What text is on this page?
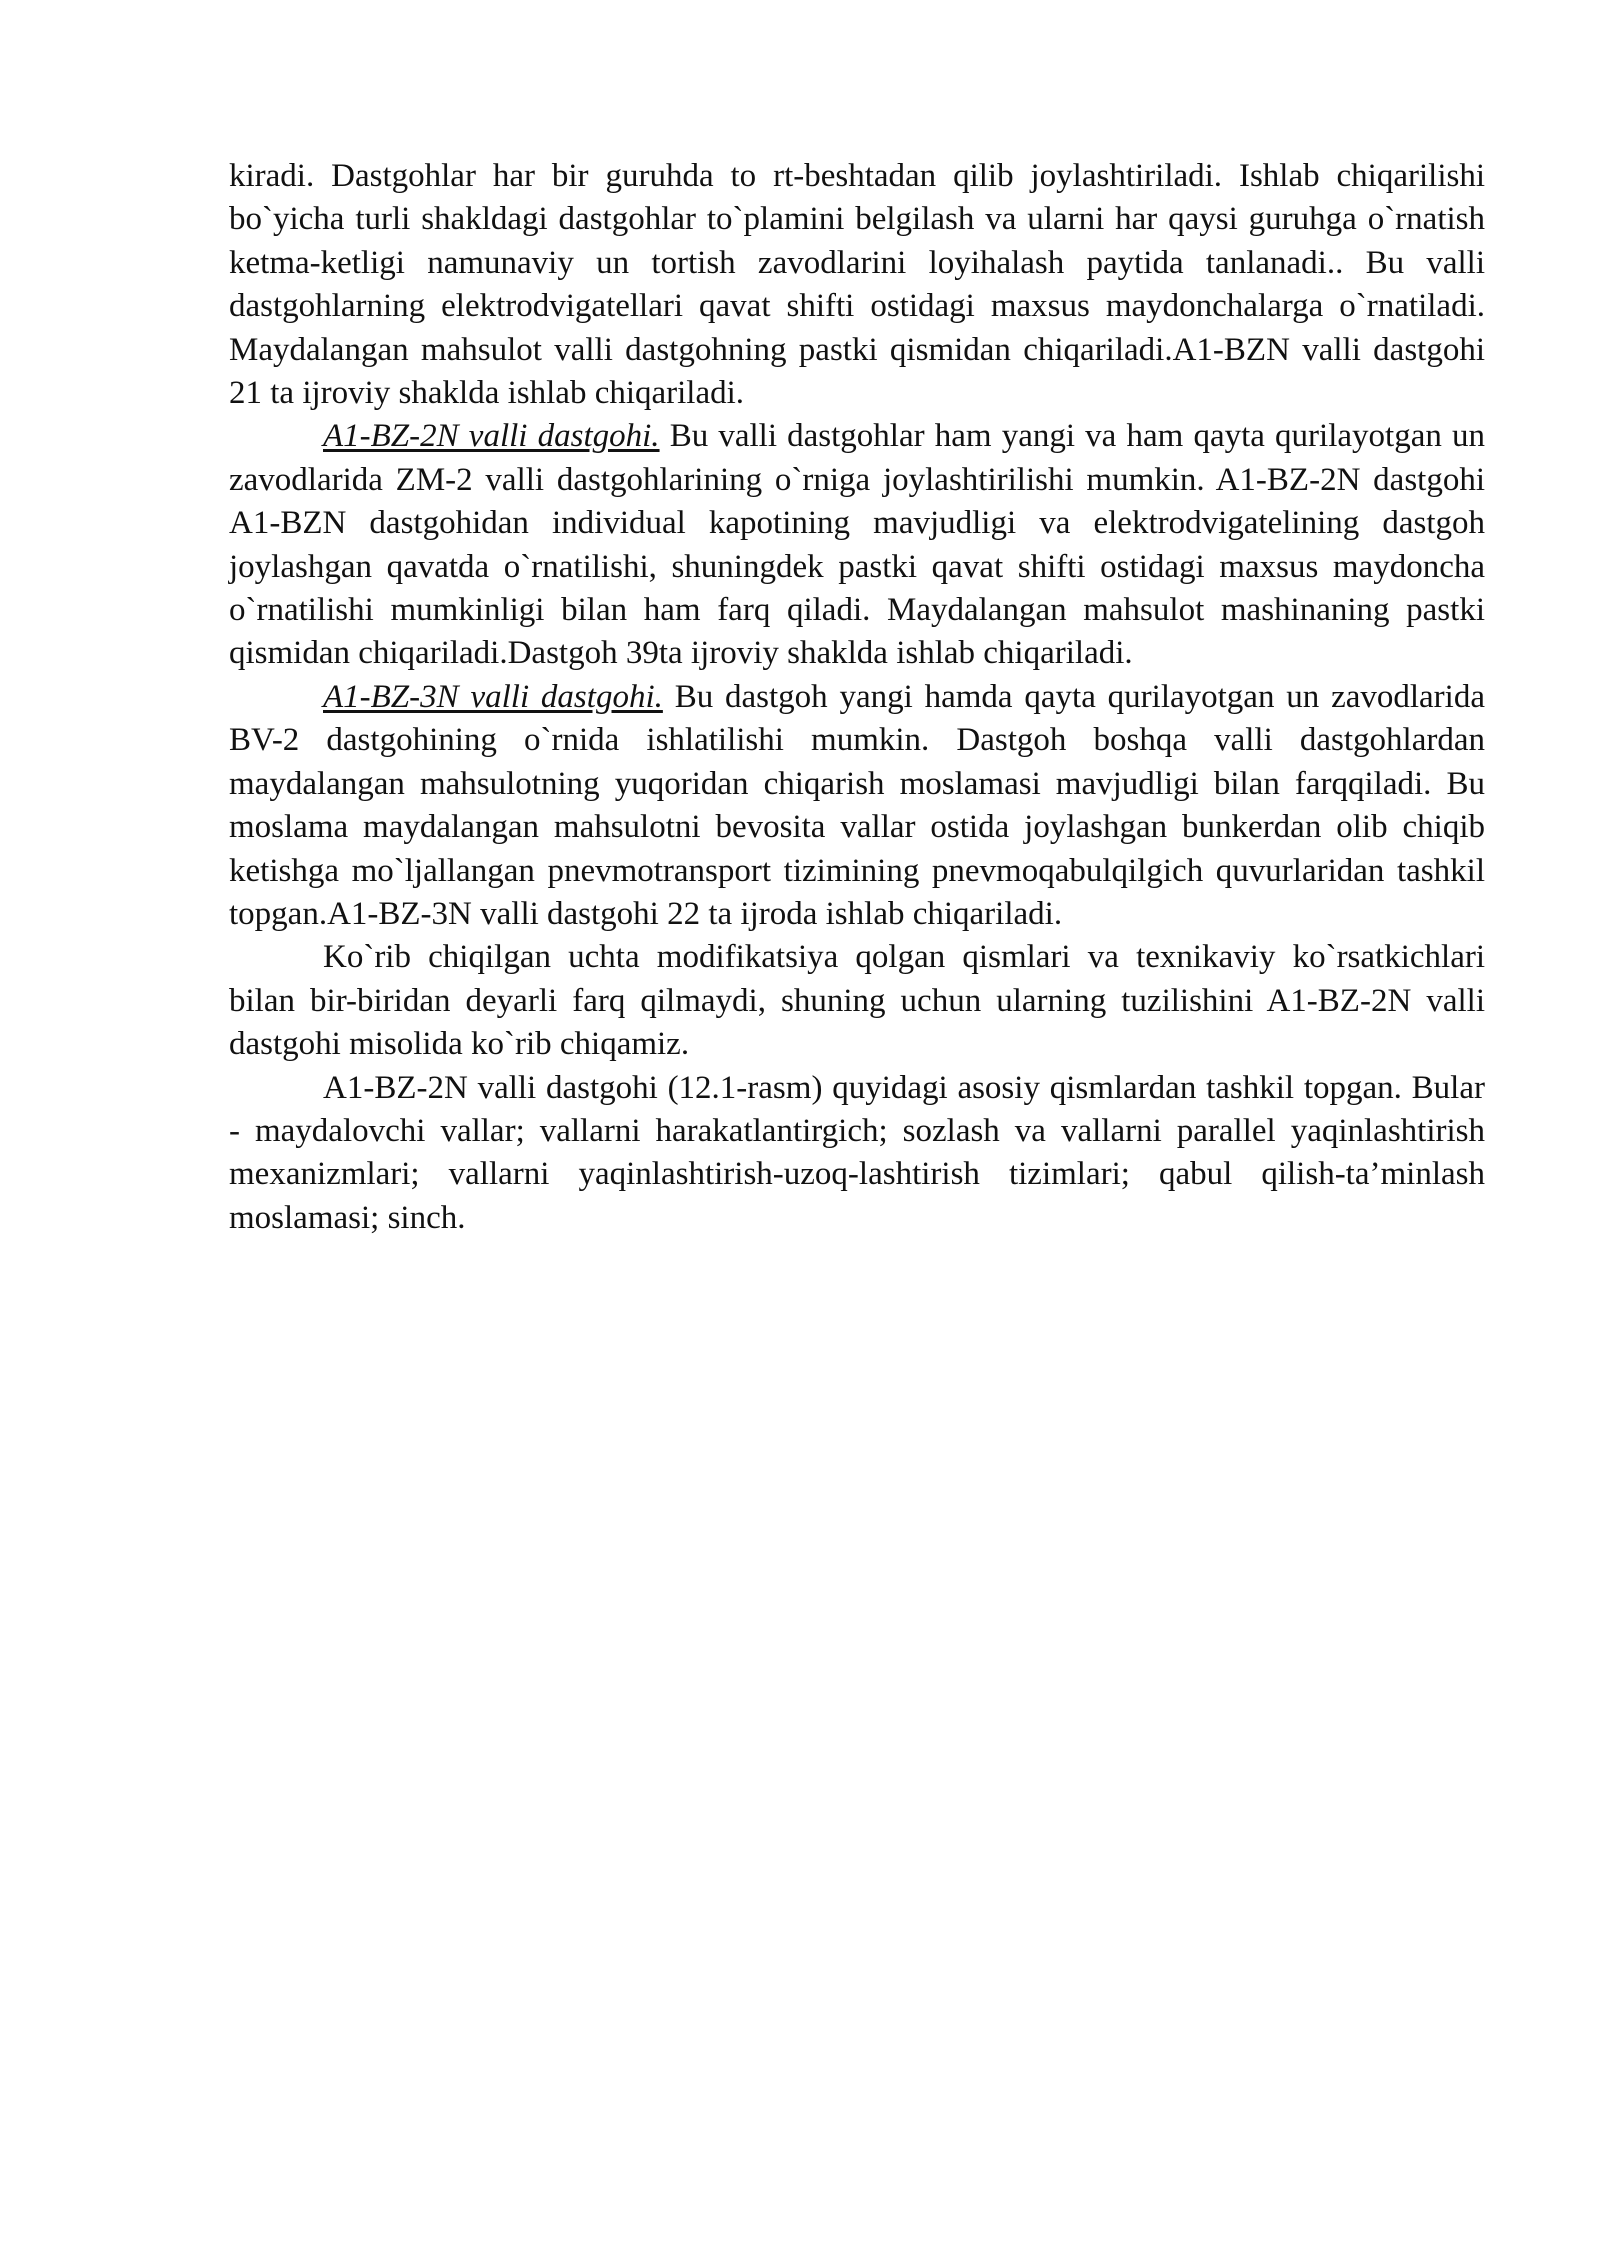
kiradi. Dastgohlar har bir guruhda to rt-beshtadan qilib joylashtiriladi. Ishlab chiqarilishi bo`yicha turli shakldagi dastgohlar to`plamini belgilash va ularni har qaysi guruhga o`rnatish ketma-ketligi namunaviy un tortish zavodlarini loyihalash paytida tanlanadi.. Bu valli dastgohlarning elektrodvigatellari qavat shifti ostidagi maxsus maydonchalarga o`rnatiladi. Maydalangan mahsulot valli dastgohning pastki qismidan chiqariladi.A1-BZN valli dastgohi 21 ta ijroviy shaklda ishlab chiqariladi.

A1-BZ-2N valli dastgohi. Bu valli dastgohlar ham yangi va ham qayta qurilayotgan un zavodlarida ZM-2 valli dastgohlarining o`rniga joylashtirilishi mumkin. A1-BZ-2N dastgohi A1-BZN dastgohidan individual kapotining mavjudligi va elektrodvigatelining dastgoh joylashgan qavatda o`rnatilishi, shuningdek pastki qavat shifti ostidagi maxsus maydoncha o`rnatilishi mumkinligi bilan ham farq qiladi. Maydalangan mahsulot mashinaning pastki qismidan chiqariladi.Dastgoh 39ta ijroviy shaklda ishlab chiqariladi.

A1-BZ-3N valli dastgohi. Bu dastgoh yangi hamda qayta qurilayotgan un zavodlarida BV-2 dastgohining o`rnida ishlatilishi mumkin. Dastgoh boshqa valli dastgohlardan maydalangan mahsulotning yuqoridan chiqarish moslamasi mavjudligi bilan farqqiladi. Bu moslama maydalangan mahsulotni bevosita vallar ostida joylashgan bunkerdan olib chiqib ketishga mo`ljallangan pnevmotransport tizimining pnevmoqabulqilgich quvurlaridan tashkil topgan.A1-BZ-3N valli dastgohi 22 ta ijroda ishlab chiqariladi.

Ko`rib chiqilgan uchta modifikatsiya qolgan qismlari va texnikaviy ko`rsatkichlari bilan bir-biridan deyarli farq qilmaydi, shuning uchun ularning tuzilishini A1-BZ-2N valli dastgohi misolida ko`rib chiqamiz.

A1-BZ-2N valli dastgohi (12.1-rasm) quyidagi asosiy qismlardan tashkil topgan. Bular - maydalovchi vallar; vallarni harakatlantirgich; sozlash va vallarni parallel yaqinlashtirish mexanizmlari; vallarni yaqinlashtirish-uzoq-lashtirish tizimlari; qabul qilish-ta’minlash moslamasi; sinch.
